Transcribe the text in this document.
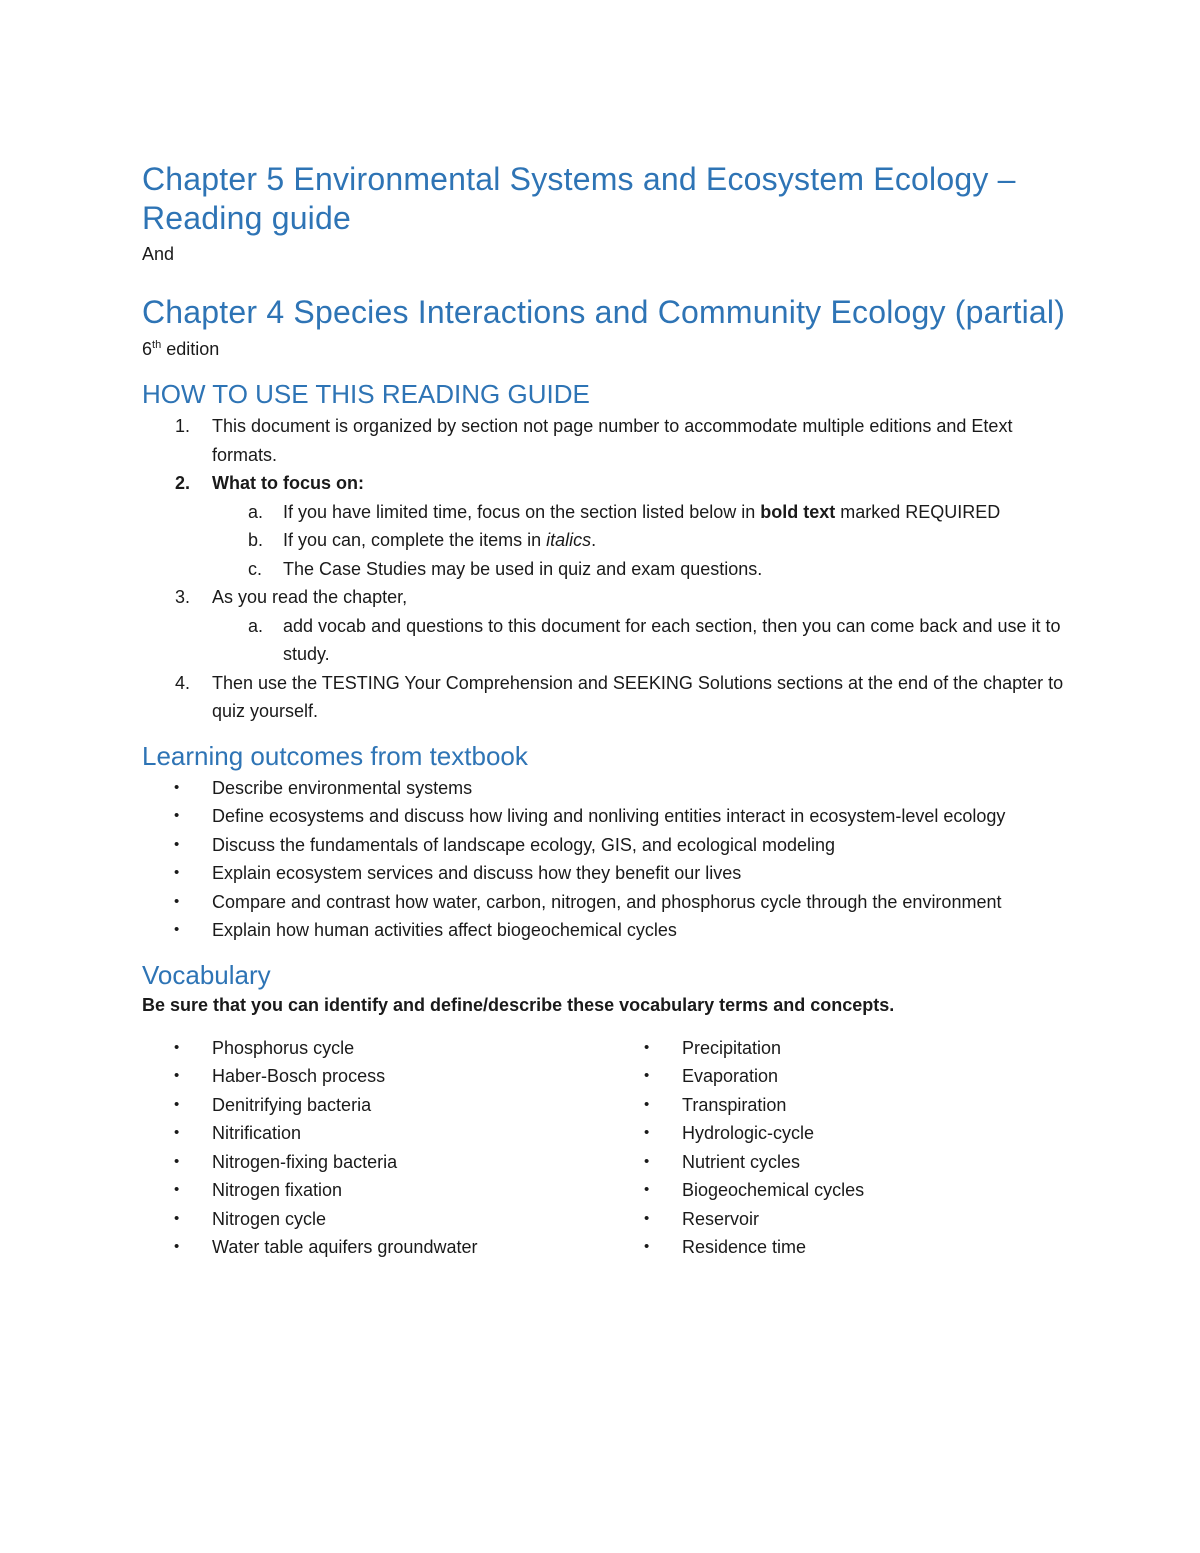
Chapter 5 Environmental Systems and Ecosystem Ecology – Reading guide

And

Chapter 4 Species Interactions and Community Ecology (partial)

6th edition

HOW TO USE THIS READING GUIDE
1. This document is organized by section not page number to accommodate multiple editions and Etext formats.
2. What to focus on:
a. If you have limited time, focus on the section listed below in bold text marked REQUIRED
b. If you can, complete the items in italics.
c. The Case Studies may be used in quiz and exam questions.
3. As you read the chapter,
a. add vocab and questions to this document for each section, then you can come back and use it to study.
4. Then use the TESTING Your Comprehension and SEEKING Solutions sections at the end of the chapter to quiz yourself.
Learning outcomes from textbook
• Describe environmental systems
• Define ecosystems and discuss how living and nonliving entities interact in ecosystem-level ecology
• Discuss the fundamentals of landscape ecology, GIS, and ecological modeling
• Explain ecosystem services and discuss how they benefit our lives
• Compare and contrast how water, carbon, nitrogen, and phosphorus cycle through the environment
• Explain how human activities affect biogeochemical cycles
Vocabulary

Be sure that you can identify and define/describe these vocabulary terms and concepts.

• Phosphorus cycle
• Haber-Bosch process
• Denitrifying bacteria
• Nitrification
• Nitrogen-fixing bacteria
• Nitrogen fixation
• Nitrogen cycle
• Water table aquifers groundwater
• Precipitation
• Evaporation
• Transpiration
• Hydrologic-cycle
• Nutrient cycles
• Biogeochemical cycles
• Reservoir
• Residence time
